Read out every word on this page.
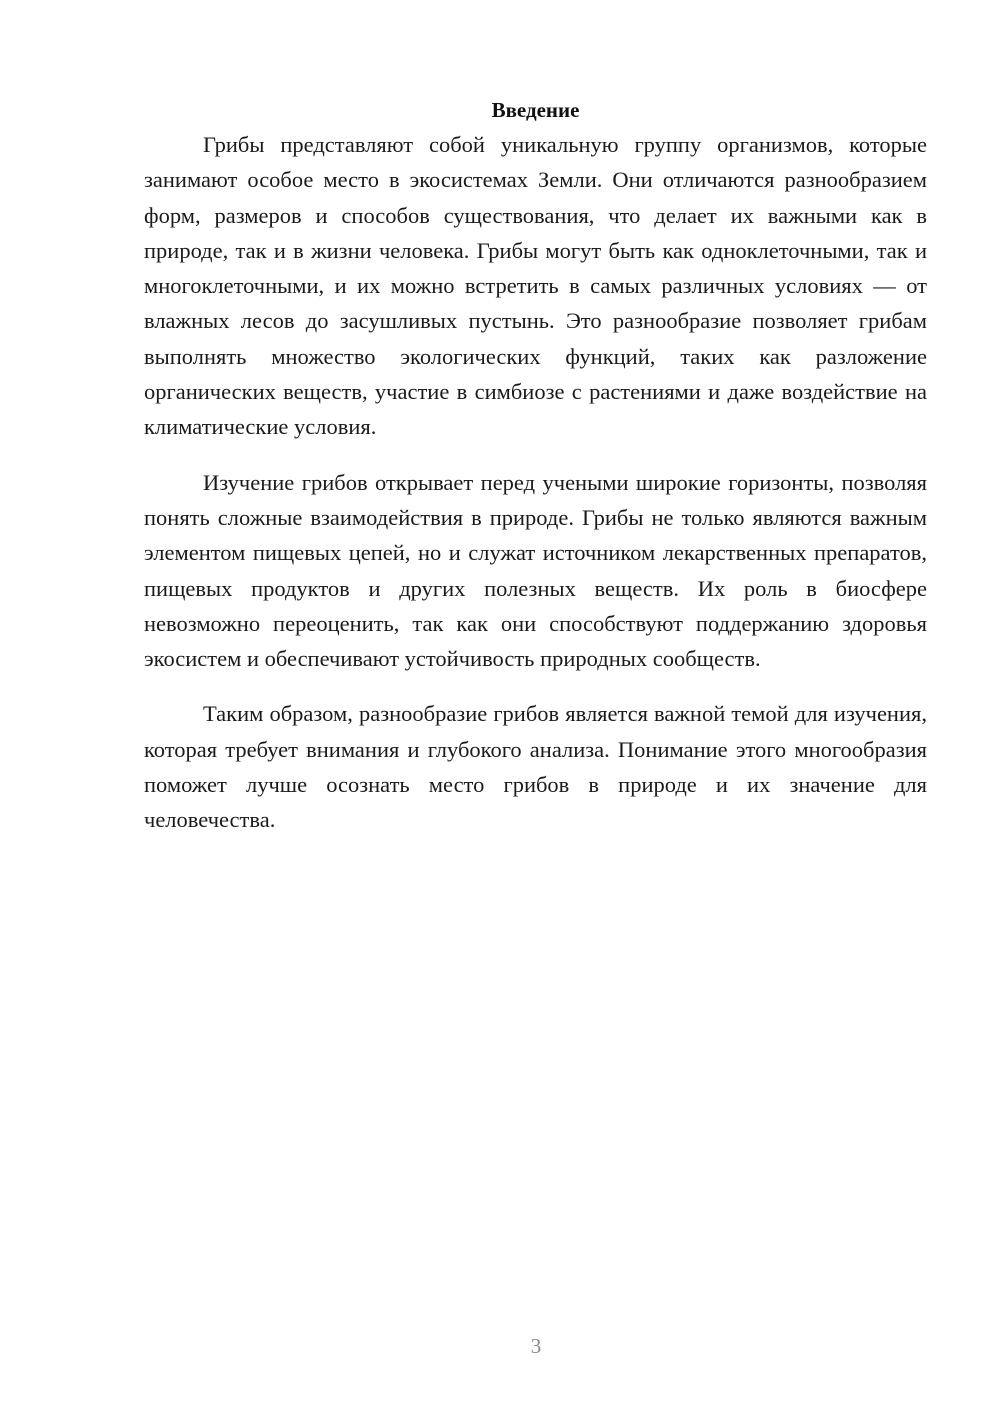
Введение

Грибы представляют собой уникальную группу организмов, которые занимают особое место в экосистемах Земли. Они отличаются разнообразием форм, размеров и способов существования, что делает их важными как в природе, так и в жизни человека. Грибы могут быть как одноклеточными, так и многоклеточными, и их можно встретить в самых различных условиях — от влажных лесов до засушливых пустынь. Это разнообразие позволяет грибам выполнять множество экологических функций, таких как разложение органических веществ, участие в симбиозе с растениями и даже воздействие на климатические условия.

Изучение грибов открывает перед учеными широкие горизонты, позволяя понять сложные взаимодействия в природе. Грибы не только являются важным элементом пищевых цепей, но и служат источником лекарственных препаратов, пищевых продуктов и других полезных веществ. Их роль в биосфере невозможно переоценить, так как они способствуют поддержанию здоровья экосистем и обеспечивают устойчивость природных сообществ.

Таким образом, разнообразие грибов является важной темой для изучения, которая требует внимания и глубокого анализа. Понимание этого многообразия поможет лучше осознать место грибов в природе и их значение для человечества.

3
